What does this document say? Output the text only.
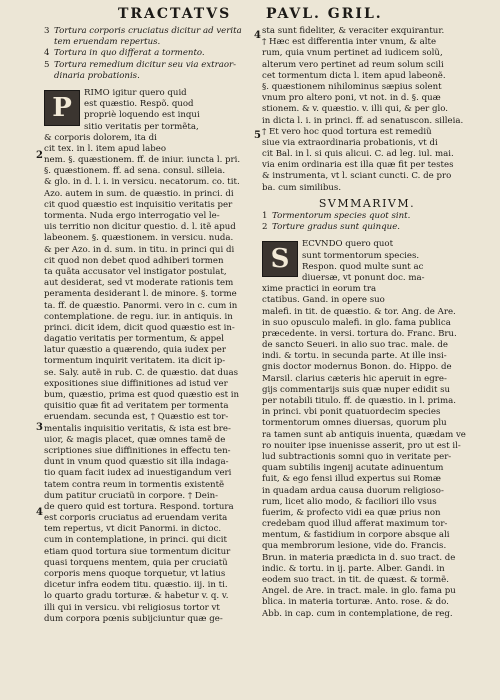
TRACTATVS PAVL. GRIL.
3 Tortura corporis cruciatus dicitur ad verita
tem eruendam repertus.
4 Tortura in quo differat a tormento.
5 Tortura remedium dicitur seu via extraor-
dinaria probationis.
P	RIMO igitur quero quid
est quæstio. Respõ. quod
propriè loquendo est inqui
sitio veritatis per tormẽta,
& corporis dolorem, ita di
cit tex. in l. item apud labeo
nem. §. quæstionem. ff. de iniur. iuncta l. pri.
§. quæstionem. ff. ad sena. consul. silleia.
& glo. in d. l. i. in versicu. necatorum. co. tit.
Azo. autem in sum. de quæstio. in princi. di
cit quod quæstio est inquisitio veritatis per
tormenta. Nuda ergo interrogatio vel le-
uis territio non dicitur questio. d. l. itẽ apud
labeonem. §. quæstionem. in versicu. nuda.
& per Azo. in d. sum. in titu. in princi qui di
cit quod non debet quod adhiberi tormen
ta quãta accusator vel instigator postulat,
aut desiderat, sed vt moderate rationis tem
peramenta desiderant l. de minore. §. torme
ta. ff. de quæstio. Panormi. vero in c. cum in
contemplatione. de regu. iur. in antiquis. in
princi. dicit idem, dicit quod quæstio est in-
dagatio veritatis per tormentum, & appel
latur quæstio a quærendo, quia iudex per
tormentum inquirit veritatem. ita dicit ip-
se. Saly. autẽ in rub. C. de quæstio. dat duas
expositiones siue diffinitiones ad istud ver
bum, quæstio, prima est quod quæstio est in
quisitio quæ fit ad veritatem per tormenta
eruendam. secunda est, † Quæstio est tor-
mentalis inquisitio veritatis, & ista est bre-
uior, & magis placet, quæ omnes tamẽ de
scriptiones siue diffinitiones in effectu ten-
dunt in vnum quod quæstio sit illa indaga-
tio quam facit iudex ad inuestigandum veri
tatem contra reum in tormentis existentẽ
dum patitur cruciatũ in corpore. † Dein-
de quero quid est tortura. Respond. tortura
est corporis cruciatus ad eruendam verita
tem repertus, vt dicit Panormi. in dictoc.
cum in contemplatione, in princi. qui dicit
etiam quod tortura siue tormentum dicitur
quasi torquens mentem, quia per cruciatũ
corporis mens quoque torquetur, vt latius
dicetur infra eodem titu. quæstio. iij. in ti.
lo quarto gradu torturæ. & habetur v. q. v.
illi qui in versicu. vbi religiosus tortor vt
dum corpora pœnis subijciuntur quæ ge-
sta sunt fideliter, & veraciter exquirantur.
† Hæc est differentia inter vnum, & alte
rum, quia vnum pertinet ad iudicem solũ,
alterum vero pertinet ad reum solum scili
cet tormentum dicta l. item apud labeonẽ.
§. quæstionem nihilominus sæpius solent
vnum pro altero poni, vt not. in d. §. quæ
stionem. & v. quæstio. v. illi qui, & per glo.
in dicta l. i. in princi. ff. ad senatuscon. silleia.
† Et vero hoc quod tortura est remediũ
siue via extraordinaria probationis, vt di
cit Bal. in l. si quis alicui. C. ad leg. iul. mai.
via enim ordinaria est illa quæ fit per testes
& instrumenta, vt l. sciant cuncti. C. de pro
ba. cum similibus.
SVMMARIVM.
1 Tormentorum species quot sint.
2 Torture gradus sunt quinque.
S	ECVNDO quero quot
sunt tormentorum species.
Respon. quod multe sunt ac
diuersæ, vt ponunt doc. ma-
xime practici in eorum tra
ctatibus. Gand. in opere suo
malefi. in tit. de quæstio. & tor. Ang. de Are.
in suo opusculo malefi. in glo. fama publica
præcedente. in versi. tortura do. Franc. Bru.
de sancto Seueri. in alio suo trac. male. de
indi. & tortu. in secunda parte. At ille insi-
gnis doctor modernus Bonon. do. Hippo. de
Marsil. clarius cæteris hic aperuit in egre-
gijs commentarijs suis quæ nuper edidit su
per notabili titulo. ff. de quæstio. in l. prima.
in princi. vbi ponit quatuordecim species
tormentorum omnes diuersas, quorum plu
ra tamen sunt ab antiquis inuenta, quædam ve
ro nouiter ipse inuenisse asserit, pro ut est il-
lud subtractionis somni quo in veritate per-
quam subtilis ingenij acutate adinuentum
fuit, & ego fensi illud expertus sui Romæ
in quadam ardua causa duorum religioso-
rum, licet alio modo, & faciliori illo vsus
fuerim, & profecto vidi ea quæ prius non
credebam quod illud afferat maximum tor-
mentum, & fastidium in corpore absque ali
qua membrorum lesione, vide do. Francis.
Brun. in materia prædicta in d. suo tract. de
indic. & tortu. in ij. parte. Alber. Gandi. in
eodem suo tract. in tit. de quæst. & tormẽ.
Angel. de Are. in tract. male. in glo. fama pu
blica. in materia torturæ. Anto. rose. & do.
Abb. in cap. cum in contemplatione, de reg.
2
3
4
4
5
